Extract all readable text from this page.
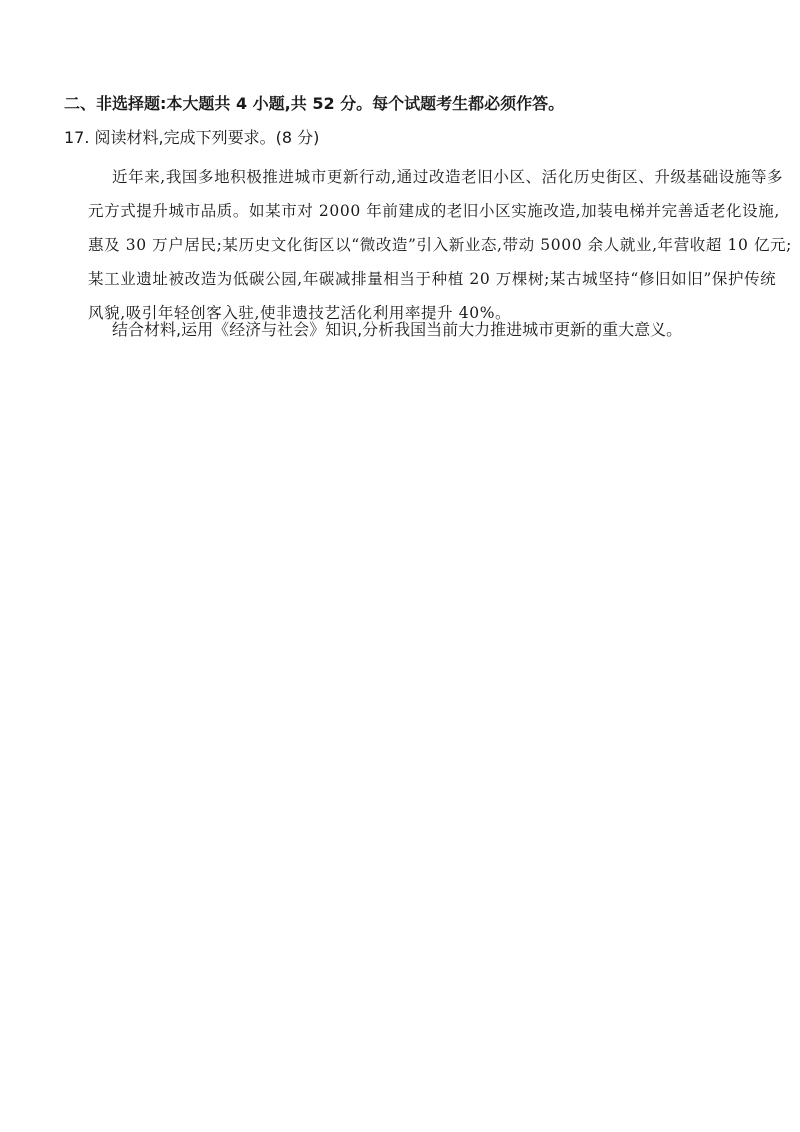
二、非选择题:本大题共 4 小题,共 52 分。每个试题考生都必须作答。
17. 阅读材料,完成下列要求。(8 分)
近年来,我国多地积极推进城市更新行动,通过改造老旧小区、活化历史街区、升级基础设施等多
元方式提升城市品质。如某市对 2000 年前建成的老旧小区实施改造,加装电梯并完善适老化设施,
惠及 30 万户居民;某历史文化街区以“微改造”引入新业态,带动 5000 余人就业,年营收超 10 亿元;
某工业遗址被改造为低碳公园,年碳减排量相当于种植 20 万棵树;某古城坚持“修旧如旧”保护传统
风貌,吸引年轻创客入驻,使非遗技艺活化利用率提升 40%。
结合材料,运用《经济与社会》知识,分析我国当前大力推进城市更新的重大意义。
